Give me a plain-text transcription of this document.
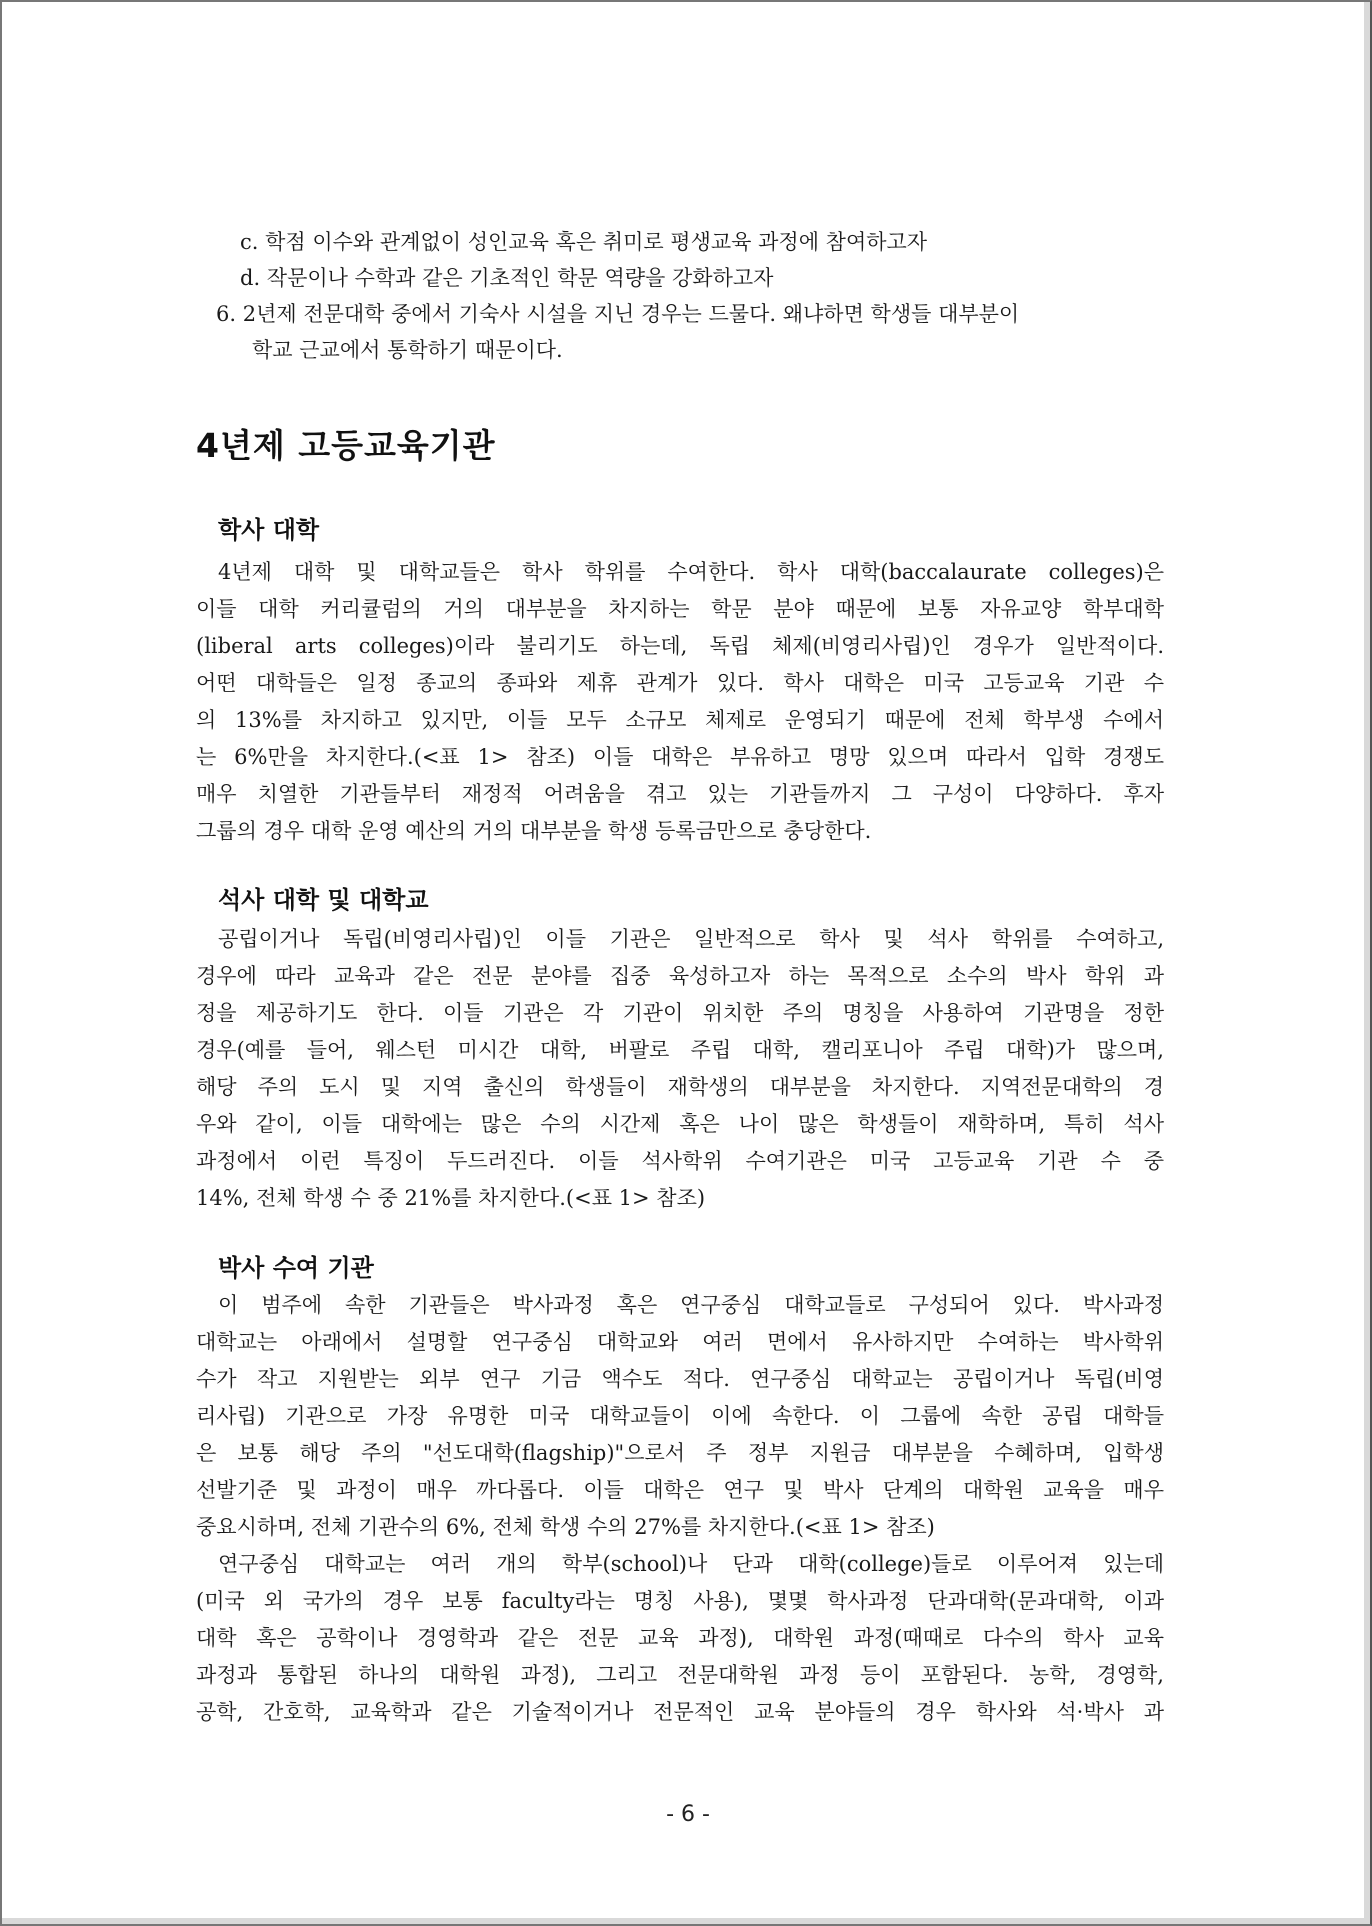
c. 학점 이수와 관계없이 성인교육 혹은 취미로 평생교육 과정에 참여하고자
d. 작문이나 수학과 같은 기초적인 학문 역량을 강화하고자
6. 2년제 전문대학 중에서 기숙사 시설을 지닌 경우는 드물다. 왜냐하면 학생들 대부분이
학교 근교에서 통학하기 때문이다.
4년제 고등교육기관
학사 대학
4년제 대학 및 대학교들은 학사 학위를 수여한다. 학사 대학(baccalaurate colleges)은
이들 대학 커리큘럼의 거의 대부분을 차지하는 학문 분야 때문에 보통 자유교양 학부대학
(liberal arts colleges)이라 불리기도 하는데, 독립 체제(비영리사립)인 경우가 일반적이다.
어떤 대학들은 일정 종교의 종파와 제휴 관계가 있다. 학사 대학은 미국 고등교육 기관 수
의 13%를 차지하고 있지만, 이들 모두 소규모 체제로 운영되기 때문에 전체 학부생 수에서
는 6%만을 차지한다.(<표 1> 참조) 이들 대학은 부유하고 명망 있으며 따라서 입학 경쟁도
매우 치열한 기관들부터 재정적 어려움을 겪고 있는 기관들까지 그 구성이 다양하다. 후자
그룹의 경우 대학 운영 예산의 거의 대부분을 학생 등록금만으로 충당한다.
석사 대학 및 대학교
공립이거나 독립(비영리사립)인 이들 기관은 일반적으로 학사 및 석사 학위를 수여하고,
경우에 따라 교육과 같은 전문 분야를 집중 육성하고자 하는 목적으로 소수의 박사 학위 과
정을 제공하기도 한다. 이들 기관은 각 기관이 위치한 주의 명칭을 사용하여 기관명을 정한
경우(예를 들어, 웨스턴 미시간 대학, 버팔로 주립 대학, 캘리포니아 주립 대학)가 많으며,
해당 주의 도시 및 지역 출신의 학생들이 재학생의 대부분을 차지한다. 지역전문대학의 경
우와 같이, 이들 대학에는 많은 수의 시간제 혹은 나이 많은 학생들이 재학하며, 특히 석사
과정에서 이런 특징이 두드러진다. 이들 석사학위 수여기관은 미국 고등교육 기관 수 중
14%, 전체 학생 수 중 21%를 차지한다.(<표 1> 참조)
박사 수여 기관
이 범주에 속한 기관들은 박사과정 혹은 연구중심 대학교들로 구성되어 있다. 박사과정
대학교는 아래에서 설명할 연구중심 대학교와 여러 면에서 유사하지만 수여하는 박사학위
수가 작고 지원받는 외부 연구 기금 액수도 적다. 연구중심 대학교는 공립이거나 독립(비영
리사립) 기관으로 가장 유명한 미국 대학교들이 이에 속한다. 이 그룹에 속한 공립 대학들
은 보통 해당 주의 "선도대학(flagship)"으로서 주 정부 지원금 대부분을 수혜하며, 입학생
선발기준 및 과정이 매우 까다롭다. 이들 대학은 연구 및 박사 단계의 대학원 교육을 매우
중요시하며, 전체 기관수의 6%, 전체 학생 수의 27%를 차지한다.(<표 1> 참조)
연구중심 대학교는 여러 개의 학부(school)나 단과 대학(college)들로 이루어져 있는데
(미국 외 국가의 경우 보통 faculty라는 명칭 사용), 몇몇 학사과정 단과대학(문과대학, 이과
대학 혹은 공학이나 경영학과 같은 전문 교육 과정), 대학원 과정(때때로 다수의 학사 교육
과정과 통합된 하나의 대학원 과정), 그리고 전문대학원 과정 등이 포함된다. 농학, 경영학,
공학, 간호학, 교육학과 같은 기술적이거나 전문적인 교육 분야들의 경우 학사와 석·박사 과
- 6 -
